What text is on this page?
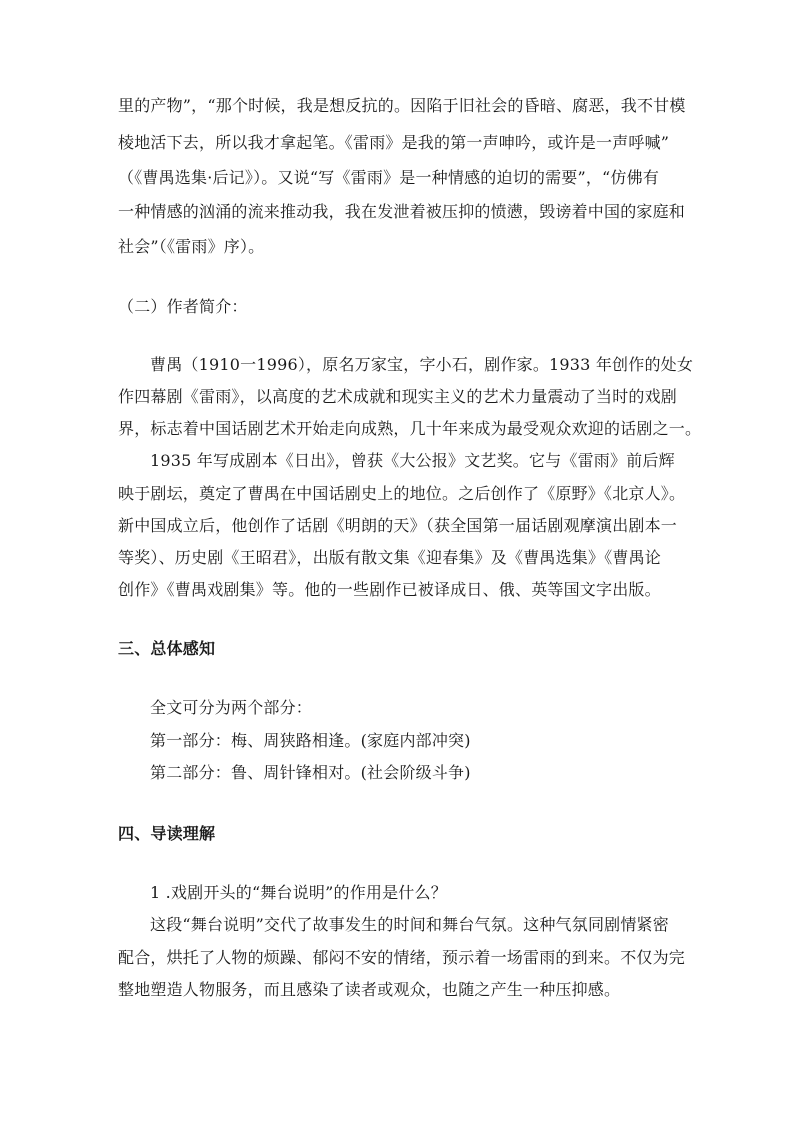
里的产物”，“那个时候，我是想反抗的。因陷于旧社会的昏暗、腐恶，我不甘模
棱地活下去，所以我才拿起笔。《雷雨》是我的第一声呻吟，或许是一声呼喊”
（《曹禺选集·后记》）。又说“写《雷雨》是一种情感的迫切的需要”，“仿佛有
一种情感的汹涌的流来推动我，我在发泄着被压抑的愤懑，毁谤着中国的家庭和
社会”（《雷雨》序）。
（二）作者简介：
曹禺（1910一1996），原名万家宝，字小石，剧作家。1933 年创作的处女
作四幕剧《雷雨》，以高度的艺术成就和现实主义的艺术力量震动了当时的戏剧
界，标志着中国话剧艺术开始走向成熟，几十年来成为最受观众欢迎的话剧之一。
1935 年写成剧本《日出》，曾获《大公报》文艺奖。它与《雷雨》前后辉
映于剧坛，奠定了曹禺在中国话剧史上的地位。之后创作了《原野》《北京人》。
新中国成立后，他创作了话剧《明朗的天》（获全国第一届话剧观摩演出剧本一
等奖）、历史剧《王昭君》，出版有散文集《迎春集》及《曹禺选集》《曹禺论
创作》《曹禺戏剧集》等。他的一些剧作已被译成日、俄、英等国文字出版。
三、总体感知
全文可分为两个部分：
第一部分：梅、周狭路相逢。(家庭内部冲突)
第二部分：鲁、周针锋相对。(社会阶级斗争)
四、导读理解
1 .戏剧开头的“舞台说明”的作用是什么？
这段“舞台说明”交代了故事发生的时间和舞台气氛。这种气氛同剧情紧密
配合，烘托了人物的烦躁、郁闷不安的情绪，预示着一场雷雨的到来。不仅为完
整地塑造人物服务，而且感染了读者或观众，也随之产生一种压抑感。
